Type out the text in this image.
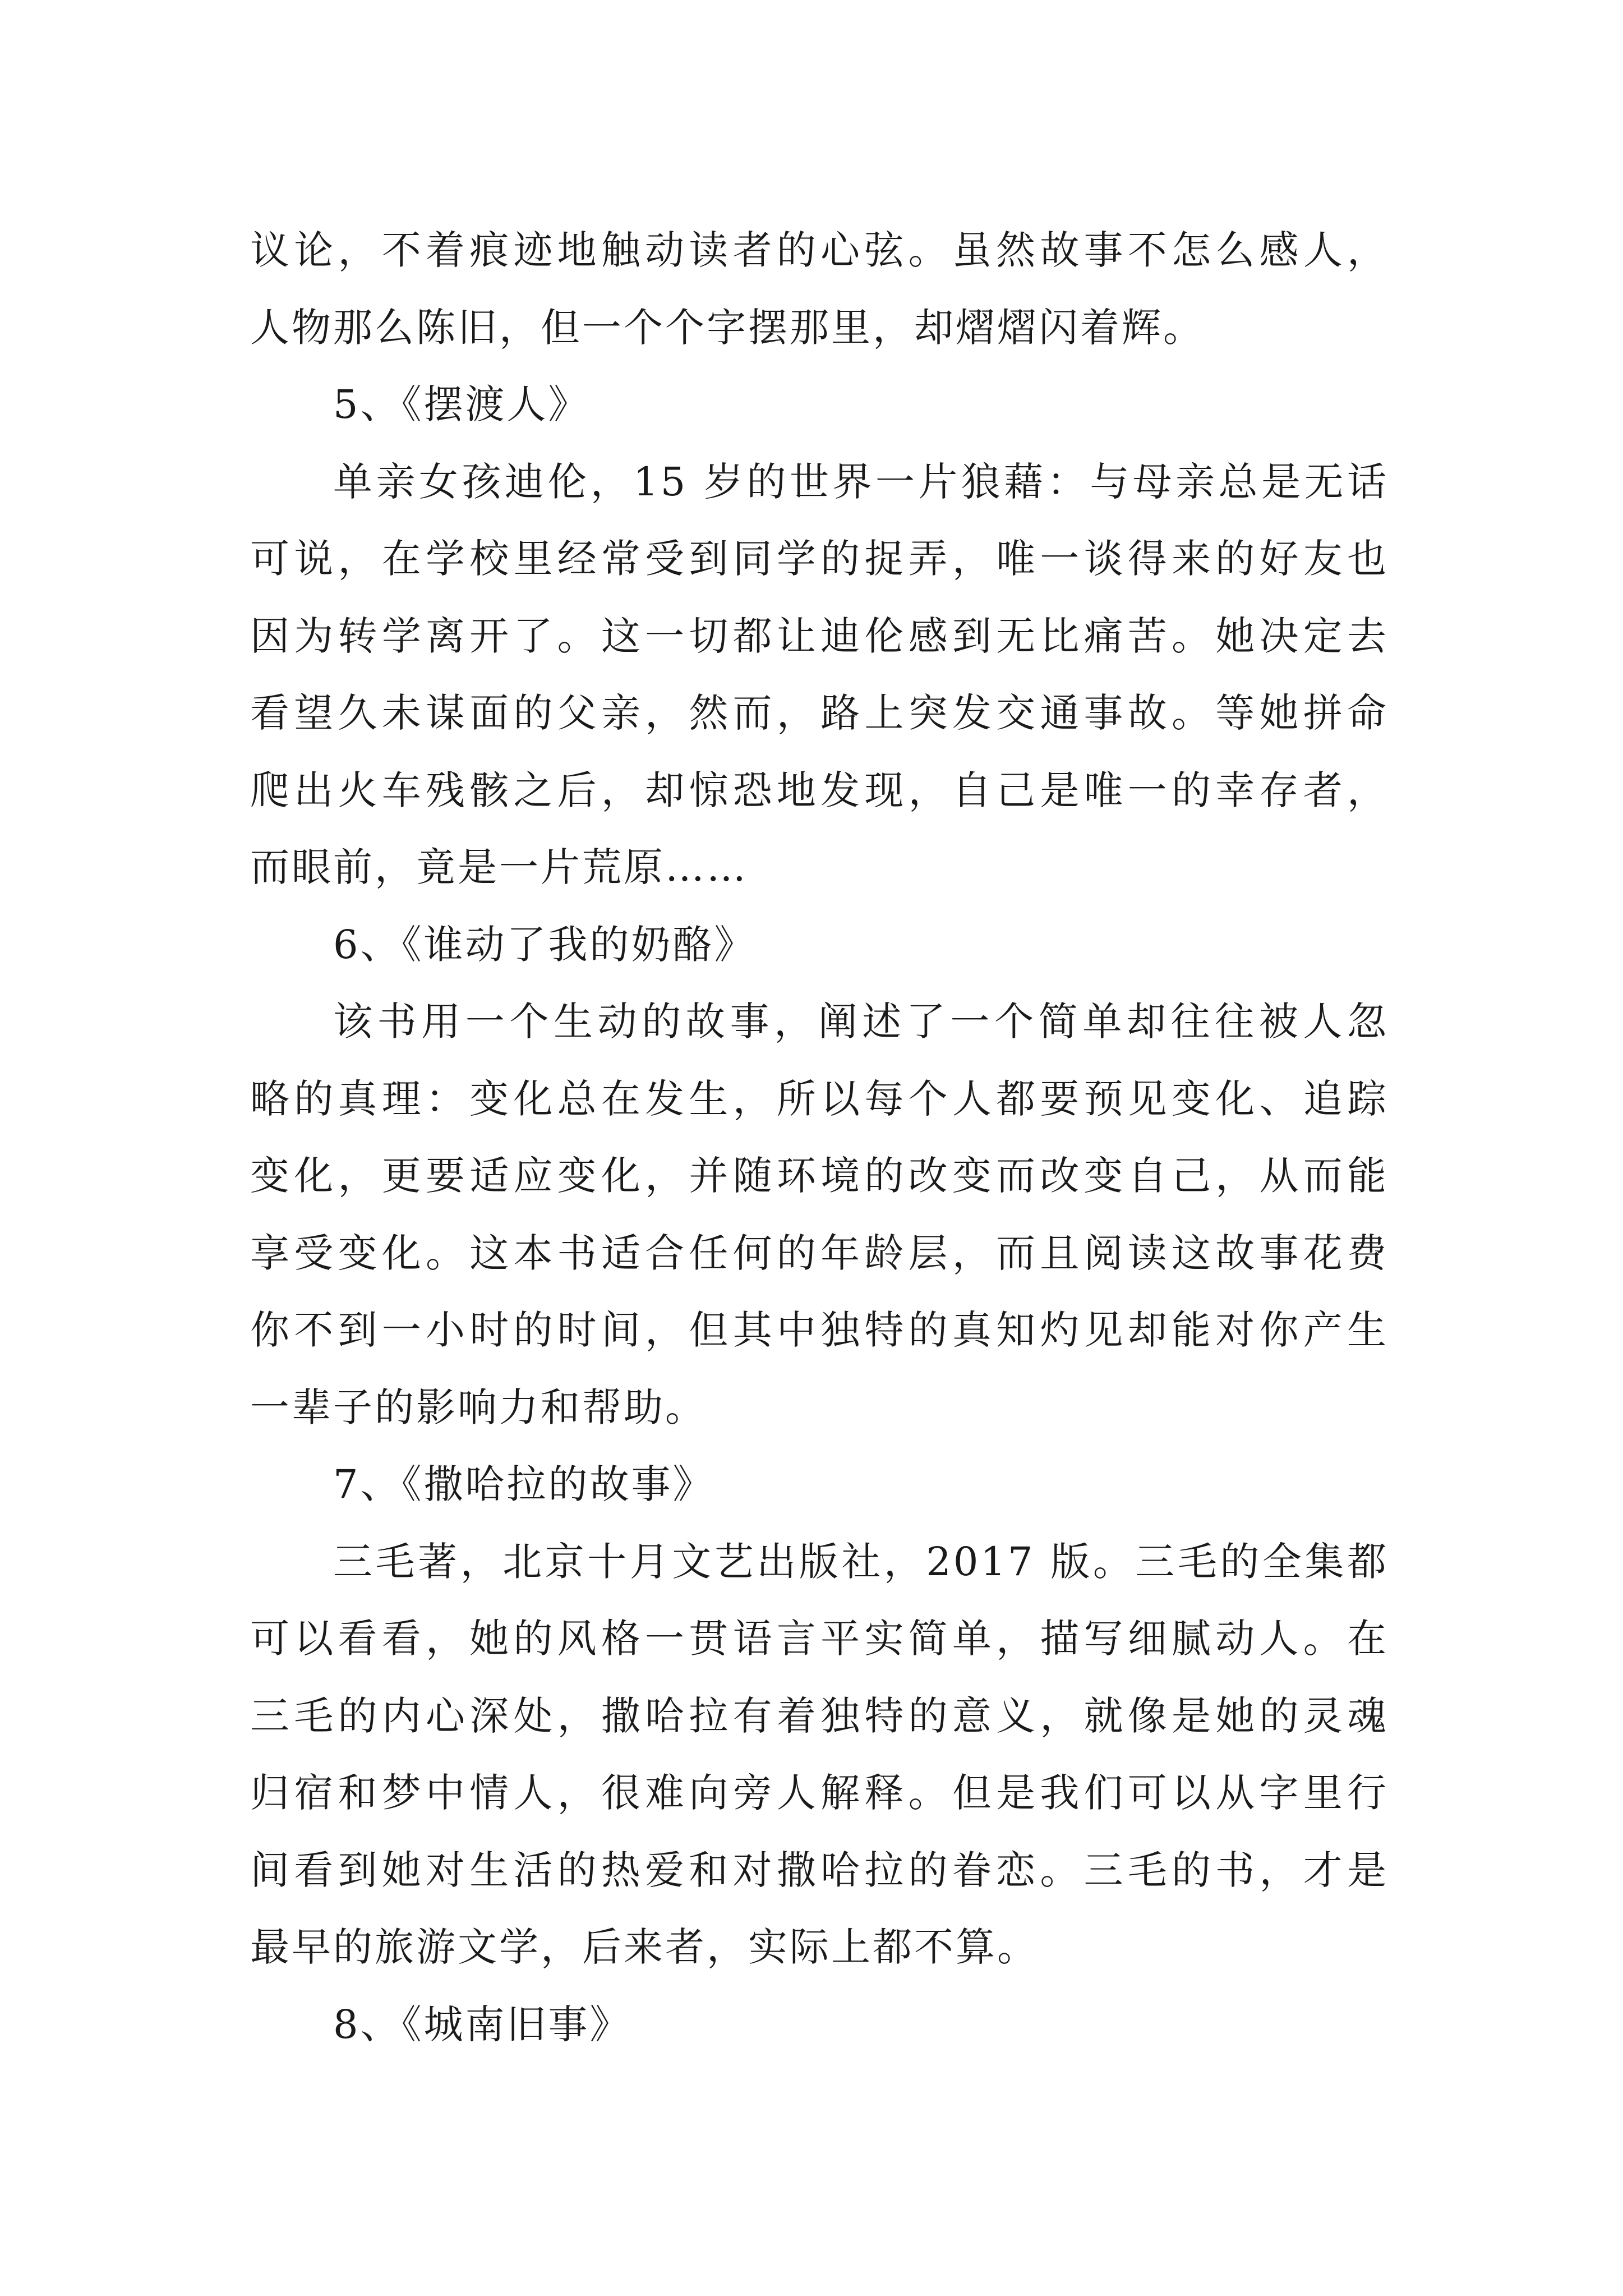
议论，不着痕迹地触动读者的心弦。虽然故事不怎么感人，
人物那么陈旧，但一个个字摆那里，却熠熠闪着辉。
5、《摆渡人》
单亲女孩迪伦，15 岁的世界一片狼藉：与母亲总是无话
可说，在学校里经常受到同学的捉弄，唯一谈得来的好友也
因为转学离开了。这一切都让迪伦感到无比痛苦。她决定去
看望久未谋面的父亲，然而，路上突发交通事故。等她拼命
爬出火车残骸之后，却惊恐地发现，自己是唯一的幸存者，
而眼前，竟是一片荒原……
6、《谁动了我的奶酪》
该书用一个生动的故事，阐述了一个简单却往往被人忽
略的真理：变化总在发生，所以每个人都要预见变化、追踪
变化，更要适应变化，并随环境的改变而改变自己，从而能
享受变化。这本书适合任何的年龄层，而且阅读这故事花费
你不到一小时的时间，但其中独特的真知灼见却能对你产生
一辈子的影响力和帮助。
7、《撒哈拉的故事》
三毛著，北京十月文艺出版社，2017 版。三毛的全集都
可以看看，她的风格一贯语言平实简单，描写细腻动人。在
三毛的内心深处，撒哈拉有着独特的意义，就像是她的灵魂
归宿和梦中情人，很难向旁人解释。但是我们可以从字里行
间看到她对生活的热爱和对撒哈拉的眷恋。三毛的书，才是
最早的旅游文学，后来者，实际上都不算。
8、《城南旧事》
